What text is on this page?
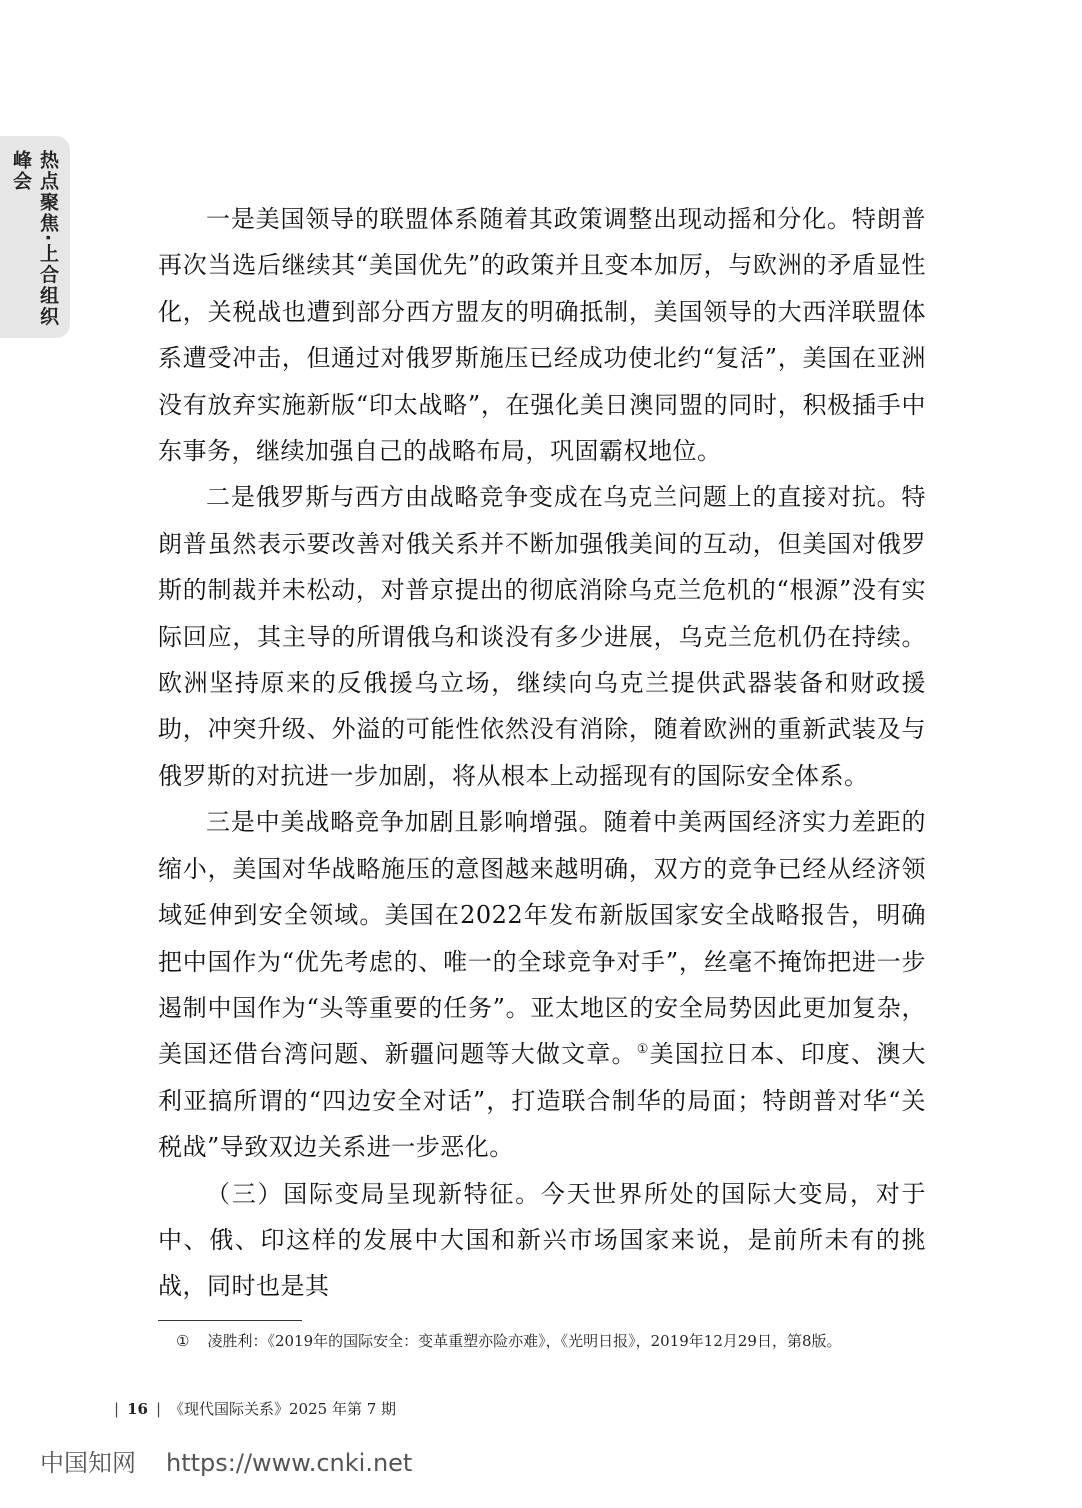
热点聚焦·上合组织峰会

一是美国领导的联盟体系随着其政策调整出现动摇和分化。特朗普再次当选后继续其“美国优先”的政策并且变本加厉，与欧洲的矛盾显性化，关税战也遭到部分西方盟友的明确抵制，美国领导的大西洋联盟体系遭受冲击，但通过对俄罗斯施压已经成功使北约“复活”，美国在亚洲没有放弃实施新版“印太战略”，在强化美日澳同盟的同时，积极插手中东事务，继续加强自己的战略布局，巩固霸权地位。

二是俄罗斯与西方由战略竞争变成在乌克兰问题上的直接对抗。特朗普虽然表示要改善对俄关系并不断加强俄美间的互动，但美国对俄罗斯的制裁并未松动，对普京提出的彻底消除乌克兰危机的“根源”没有实际回应，其主导的所谓俄乌和谈没有多少进展，乌克兰危机仍在持续。欧洲坚持原来的反俄援乌立场，继续向乌克兰提供武器装备和财政援助，冲突升级、外溢的可能性依然没有消除，随着欧洲的重新武装及与俄罗斯的对抗进一步加剧，将从根本上动摇现有的国际安全体系。

三是中美战略竞争加剧且影响增强。随着中美两国经济实力差距的缩小，美国对华战略施压的意图越来越明确，双方的竞争已经从经济领域延伸到安全领域。美国在2022年发布新版国家安全战略报告，明确把中国作为“优先考虑的、唯一的全球竞争对手”，丝毫不掩饰把进一步遏制中国作为“头等重要的任务”。亚太地区的安全局势因此更加复杂，美国还借台湾问题、新疆问题等大做文章。①美国拉日本、印度、澳大利亚搞所谓的“四边安全对话”，打造联合制华的局面；特朗普对华“关税战”导致双边关系进一步恶化。

（三）国际变局呈现新特征。今天世界所处的国际大变局，对于中、俄、印这样的发展中大国和新兴市场国家来说，是前所未有的挑战，同时也是其

① 凌胜利：《2019年的国际安全：变革重塑亦险亦难》，《光明日报》，2019年12月29日，第8版。
| 16 | 《现代国际关系》2025 年第 7 期
中国知网 https://www.cnki.net
